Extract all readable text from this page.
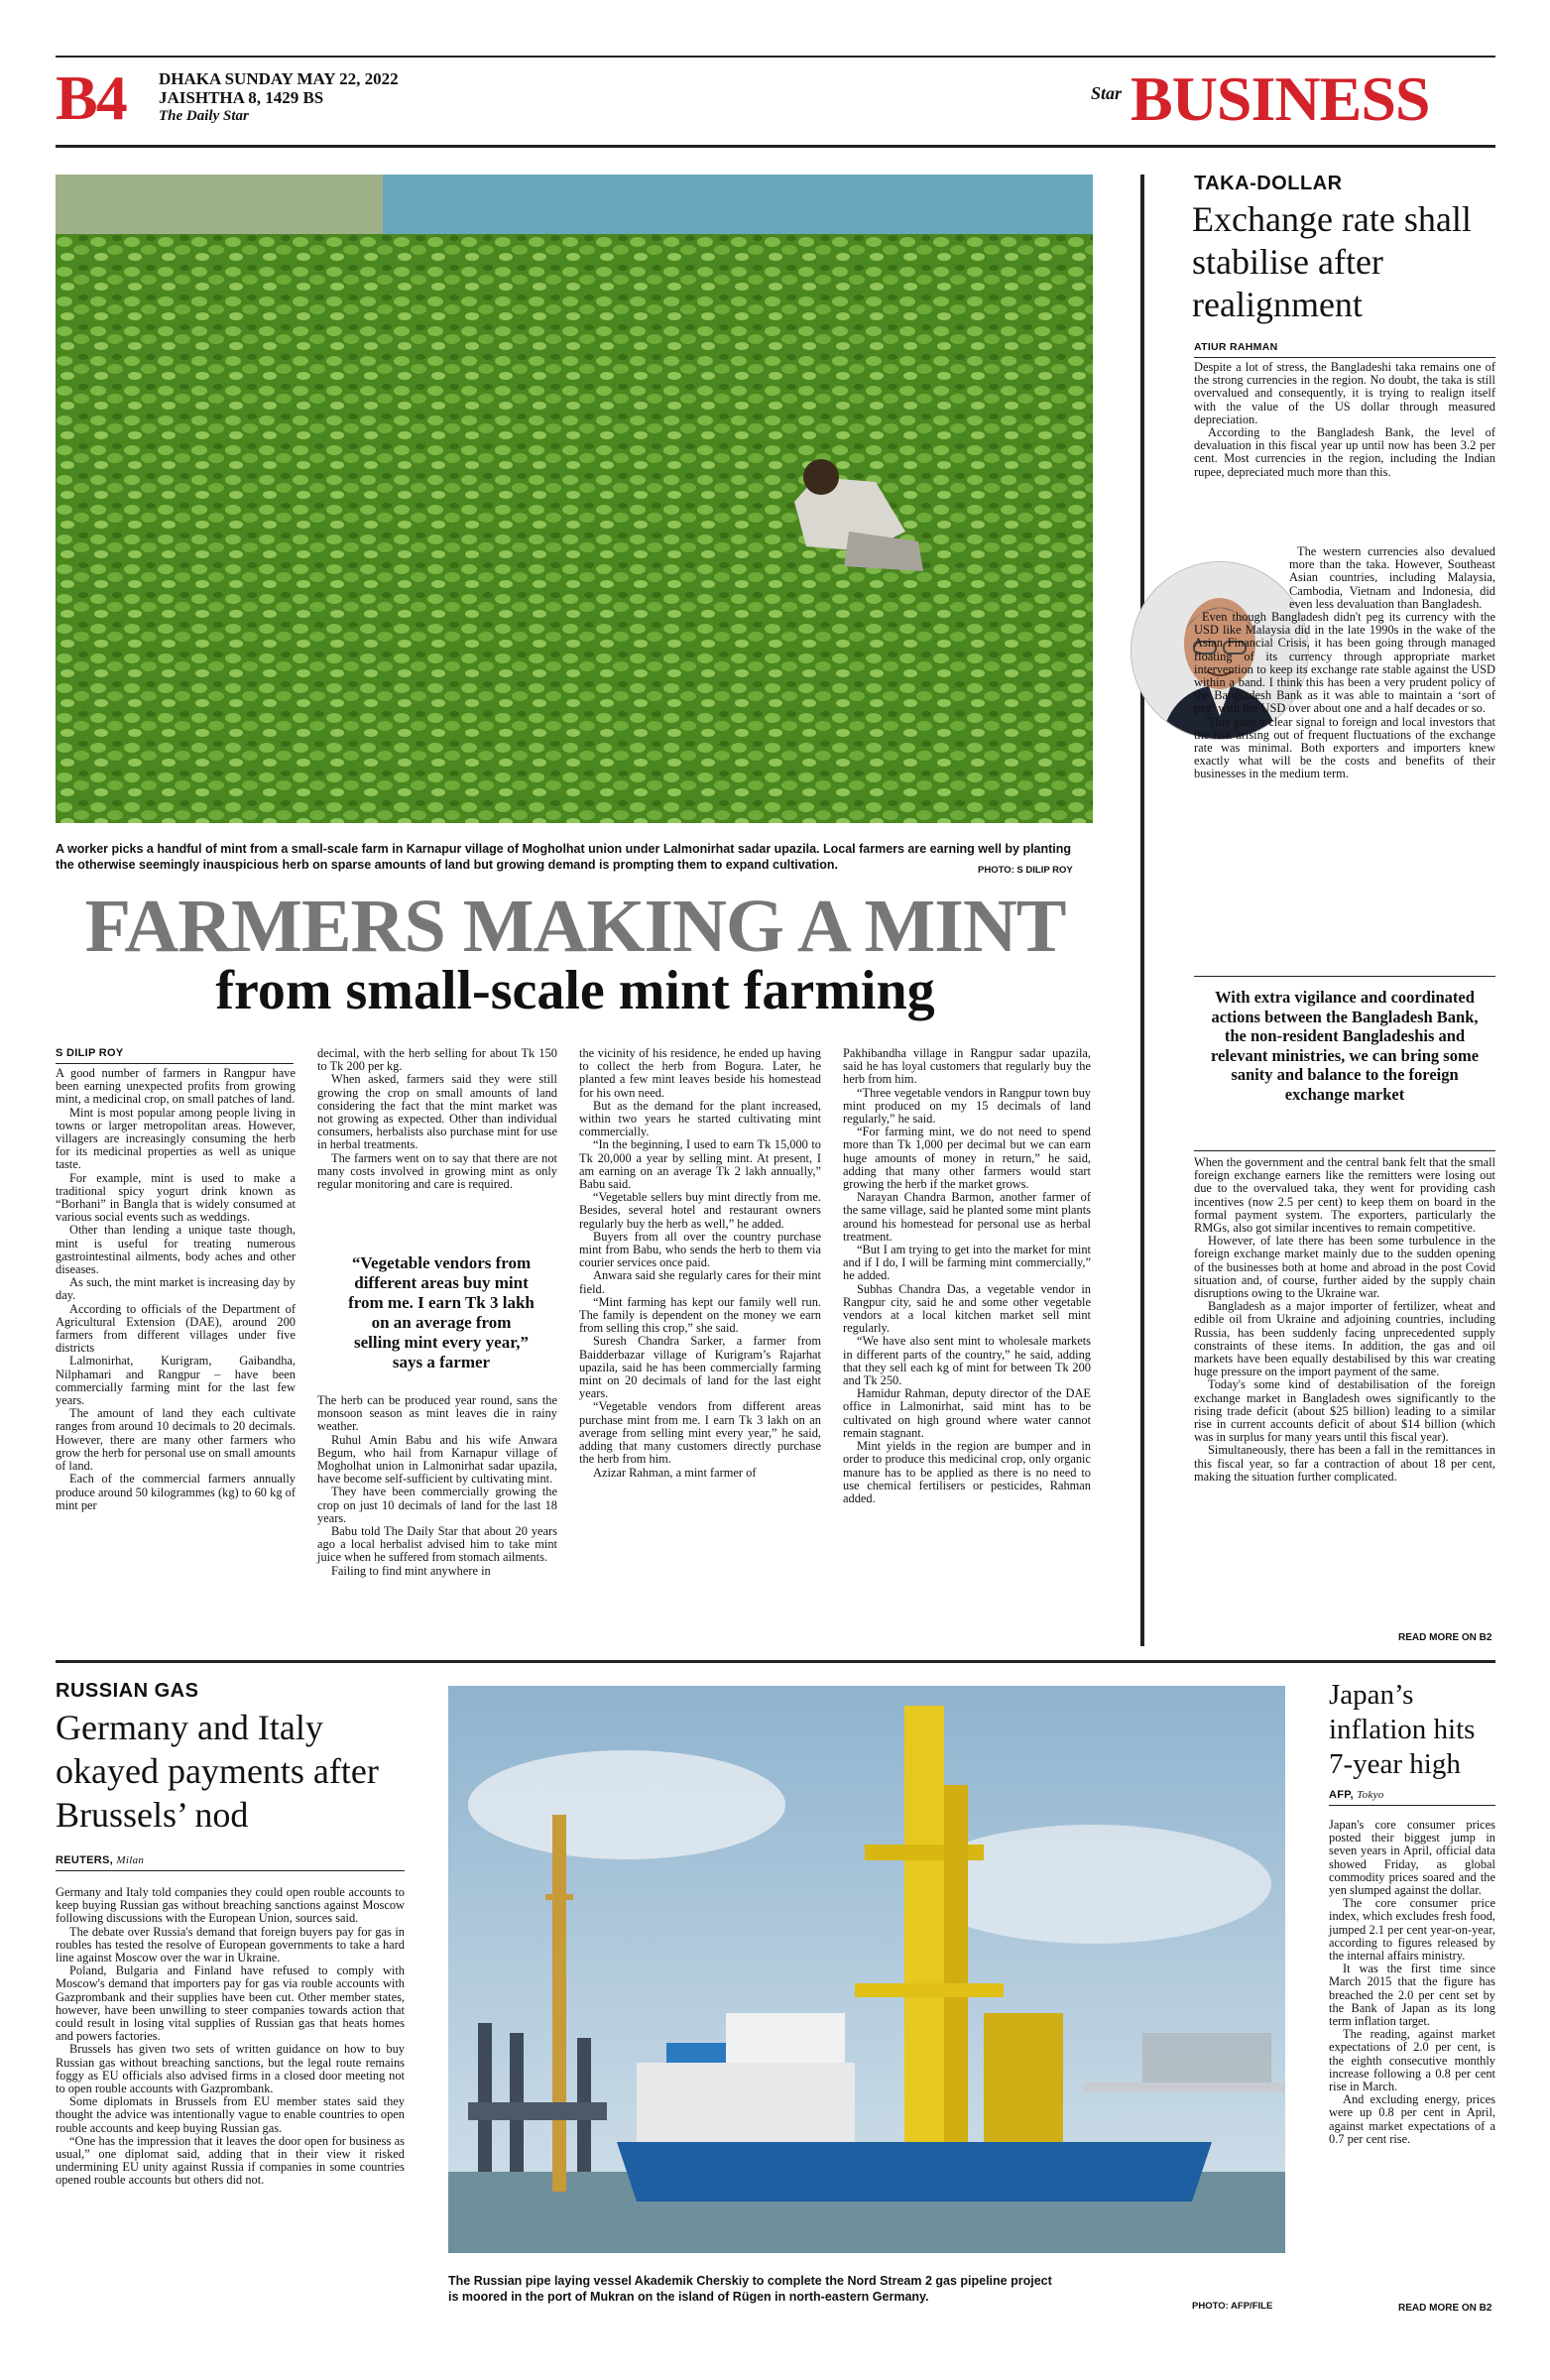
B4 DHAKA SUNDAY MAY 22, 2022
JAISHTHA 8, 1429 BS
The Daily Star
Star BUSINESS
A worker picks a handful of mint from a small-scale farm in Karnapur village of Mogholhat union under Lalmonirhat sadar upazila. Local farmers are earning well by planting the otherwise seemingly inauspicious herb on sparse amounts of land but growing demand is prompting them to expand cultivation.	PHOTO: S DILIP ROY
FARMERS MAKING A MINT
from small-scale mint farming
S DILIP ROY

A good number of farmers in Rangpur have been earning unexpected profits from growing mint, a medicinal crop, on small patches of land.

Mint is most popular among people living in towns or larger metropolitan areas. However, villagers are increasingly consuming the herb for its medicinal properties as well as unique taste.

For example, mint is used to make a traditional spicy yogurt drink known as “Borhani” in Bangla that is widely consumed at various social events such as weddings.

Other than lending a unique taste though, mint is useful for treating numerous gastrointestinal ailments, body aches and other diseases.

As such, the mint market is increasing day by day.

According to officials of the Department of Agricultural Extension (DAE), around 200 farmers from different villages under five districts

Lalmonirhat, Kurigram, Gaibandha, Nilphamari and Rangpur – have been commercially farming mint for the last few years.

The amount of land they each cultivate ranges from around 10 decimals to 20 decimals. However, there are many other farmers who grow the herb for personal use on small amounts of land.

Each of the commercial farmers annually produce around 50 kilogrammes (kg) to 60 kg of mint per

decimal, with the herb selling for about Tk 150 to Tk 200 per kg.

When asked, farmers said they were still growing the crop on small amounts of land considering the fact that the mint market was not growing as expected. Other than individual consumers, herbalists also purchase mint for use in herbal treatments.

The farmers went on to say that there are not many costs involved in growing mint as only regular monitoring and care is required.

“Vegetable vendors from different areas buy mint from me. I earn Tk 3 lakh on an average from selling mint every year,”
says a farmer

The herb can be produced year round, sans the monsoon season as mint leaves die in rainy weather.

Ruhul Amin Babu and his wife Anwara Begum, who hail from Karnapur village of Mogholhat union in Lalmonirhat sadar upazila, have become self-sufficient by cultivating mint.

They have been commercially growing the crop on just 10 decimals of land for the last 18 years.

Babu told The Daily Star that about 20 years ago a local herbalist advised him to take mint juice when he suffered from stomach ailments.

Failing to find mint anywhere in

the vicinity of his residence, he ended up having to collect the herb from Bogura. Later, he planted a few mint leaves beside his homestead for his own need.

But as the demand for the plant increased, within two years he started cultivating mint commercially.

“In the beginning, I used to earn Tk 15,000 to Tk 20,000 a year by selling mint. At present, I am earning on an average Tk 2 lakh annually,” Babu said.

“Vegetable sellers buy mint directly from me. Besides, several hotel and restaurant owners regularly buy the herb as well,” he added.

Buyers from all over the country purchase mint from Babu, who sends the herb to them via courier services once paid.

Anwara said she regularly cares for their mint field.

“Mint farming has kept our family well run. The family is dependent on the money we earn from selling this crop,” she said.

Suresh Chandra Sarker, a farmer from Baidderbazar village of Kurigram’s Rajarhat upazila, said he has been commercially farming mint on 20 decimals of land for the last eight years.

“Vegetable vendors from different areas purchase mint from me. I earn Tk 3 lakh on an average from selling mint every year,” he said, adding that many customers directly purchase the herb from him.

Azizar Rahman, a mint farmer of

Pakhibandha village in Rangpur sadar upazila, said he has loyal customers that regularly buy the herb from him.

“Three vegetable vendors in Rangpur town buy mint produced on my 15 decimals of land regularly,” he said.

“For farming mint, we do not need to spend more than Tk 1,000 per decimal but we can earn huge amounts of money in return,” he said, adding that many other farmers would start growing the herb if the market grows.

Narayan Chandra Barmon, another farmer of the same village, said he planted some mint plants around his homestead for personal use as herbal treatment.

“But I am trying to get into the market for mint and if I do, I will be farming mint commercially,” he added.

Subhas Chandra Das, a vegetable vendor in Rangpur city, said he and some other vegetable vendors at a local kitchen market sell mint regularly.

“We have also sent mint to wholesale markets in different parts of the country,” he said, adding that they sell each kg of mint for between Tk 200 and Tk 250.

Hamidur Rahman, deputy director of the DAE office in Lalmonirhat, said mint has to be cultivated on high ground where water cannot remain stagnant.

Mint yields in the region are bumper and in order to produce this medicinal crop, only organic manure has to be applied as there is no need to use chemical fertilisers or pesticides, Rahman added.

TAKA-DOLLAR
Exchange rate shall stabilise after realignment
ATIUR RAHMAN

Despite a lot of stress, the Bangladeshi taka remains one of the strong currencies in the region. No doubt, the taka is still overvalued and consequently, it is trying to realign itself with the value of the US dollar through measured depreciation.

According to the Bangladesh Bank, the level of devaluation in this fiscal year up until now has been 3.2 per cent. Most currencies in the region, including the Indian rupee, depreciated much more than this.

The western currencies also devalued more than the taka. However, Southeast Asian countries, including Malaysia, Cambodia, Vietnam and Indonesia, did even less devaluation than Bangladesh.

Even though Bangladesh didn't peg its currency with the USD like Malaysia did in the late 1990s in the wake of the Asian Financial Crisis, it has been going through managed floating of its currency through appropriate market intervention to keep its exchange rate stable against the USD within a band. I think this has been a very prudent policy of the Bangladesh Bank as it was able to maintain a ‘sort of peg’ with the USD over about one and a half decades or so.

This gave a clear signal to foreign and local investors that the risk arising out of frequent fluctuations of the exchange rate was minimal. Both exporters and importers knew exactly what will be the costs and benefits of their businesses in the medium term.

With extra vigilance and coordinated actions between the Bangladesh Bank, the non-resident Bangladeshis and relevant ministries, we can bring some sanity and balance to the foreign exchange market

When the government and the central bank felt that the small foreign exchange earners like the remitters were losing out due to the overvalued taka, they went for providing cash incentives (now 2.5 per cent) to keep them on board in the formal payment system. The exporters, particularly the RMGs, also got similar incentives to remain competitive.

However, of late there has been some turbulence in the foreign exchange market mainly due to the sudden opening of the businesses both at home and abroad in the post Covid situation and, of course, further aided by the supply chain disruptions owing to the Ukraine war.

Bangladesh as a major importer of fertilizer, wheat and edible oil from Ukraine and adjoining countries, including Russia, has been suddenly facing unprecedented supply constraints of these items. In addition, the gas and oil markets have been equally destabilised by this war creating huge pressure on the import payment of the same.

Today's some kind of destabilisation of the foreign exchange market in Bangladesh owes significantly to the rising trade deficit (about $25 billion) leading to a similar rise in current accounts deficit of about $14 billion (which was in surplus for many years until this fiscal year).

Simultaneously, there has been a fall in the remittances in this fiscal year, so far a contraction of about 18 per cent, making the situation further complicated.

READ MORE ON B2
RUSSIAN GAS
Germany and Italy okayed payments after Brussels’ nod
REUTERS, Milan

Germany and Italy told companies they could open rouble accounts to keep buying Russian gas without breaching sanctions against Moscow following discussions with the European Union, sources said.

The debate over Russia's demand that foreign buyers pay for gas in roubles has tested the resolve of European governments to take a hard line against Moscow over the war in Ukraine.

Poland, Bulgaria and Finland have refused to comply with Moscow's demand that importers pay for gas via rouble accounts with Gazprombank and their supplies have been cut. Other member states, however, have been unwilling to steer companies towards action that could result in losing vital supplies of Russian gas that heats homes and powers factories.

Brussels has given two sets of written guidance on how to buy Russian gas without breaching sanctions, but the legal route remains foggy as EU officials also advised firms in a closed door meeting not to open rouble accounts with Gazprombank.

Some diplomats in Brussels from EU member states said they thought the advice was intentionally vague to enable countries to open rouble accounts and keep buying Russian gas.

“One has the impression that it leaves the door open for business as usual,” one diplomat said, adding that in their view it risked undermining EU unity against Russia if companies in some countries opened rouble accounts but others did not.

The Russian pipe laying vessel Akademik Cherskiy to complete the Nord Stream 2 gas pipeline project is moored in the port of Mukran on the island of Rügen in north-eastern Germany.
PHOTO: AFP/FILE
Japan’s inflation hits 7-year high
AFP, Tokyo

Japan's core consumer prices posted their biggest jump in seven years in April, official data showed Friday, as global commodity prices soared and the yen slumped against the dollar.

The core consumer price index, which excludes fresh food, jumped 2.1 per cent year-on-year, according to figures released by the internal affairs ministry.

It was the first time since March 2015 that the figure has breached the 2.0 per cent set by the Bank of Japan as its long term inflation target.

The reading, against market expectations of 2.0 per cent, is the eighth consecutive monthly increase following a 0.8 per cent rise in March.

And excluding energy, prices were up 0.8 per cent in April, against market expectations of a 0.7 per cent rise.

READ MORE ON B2
